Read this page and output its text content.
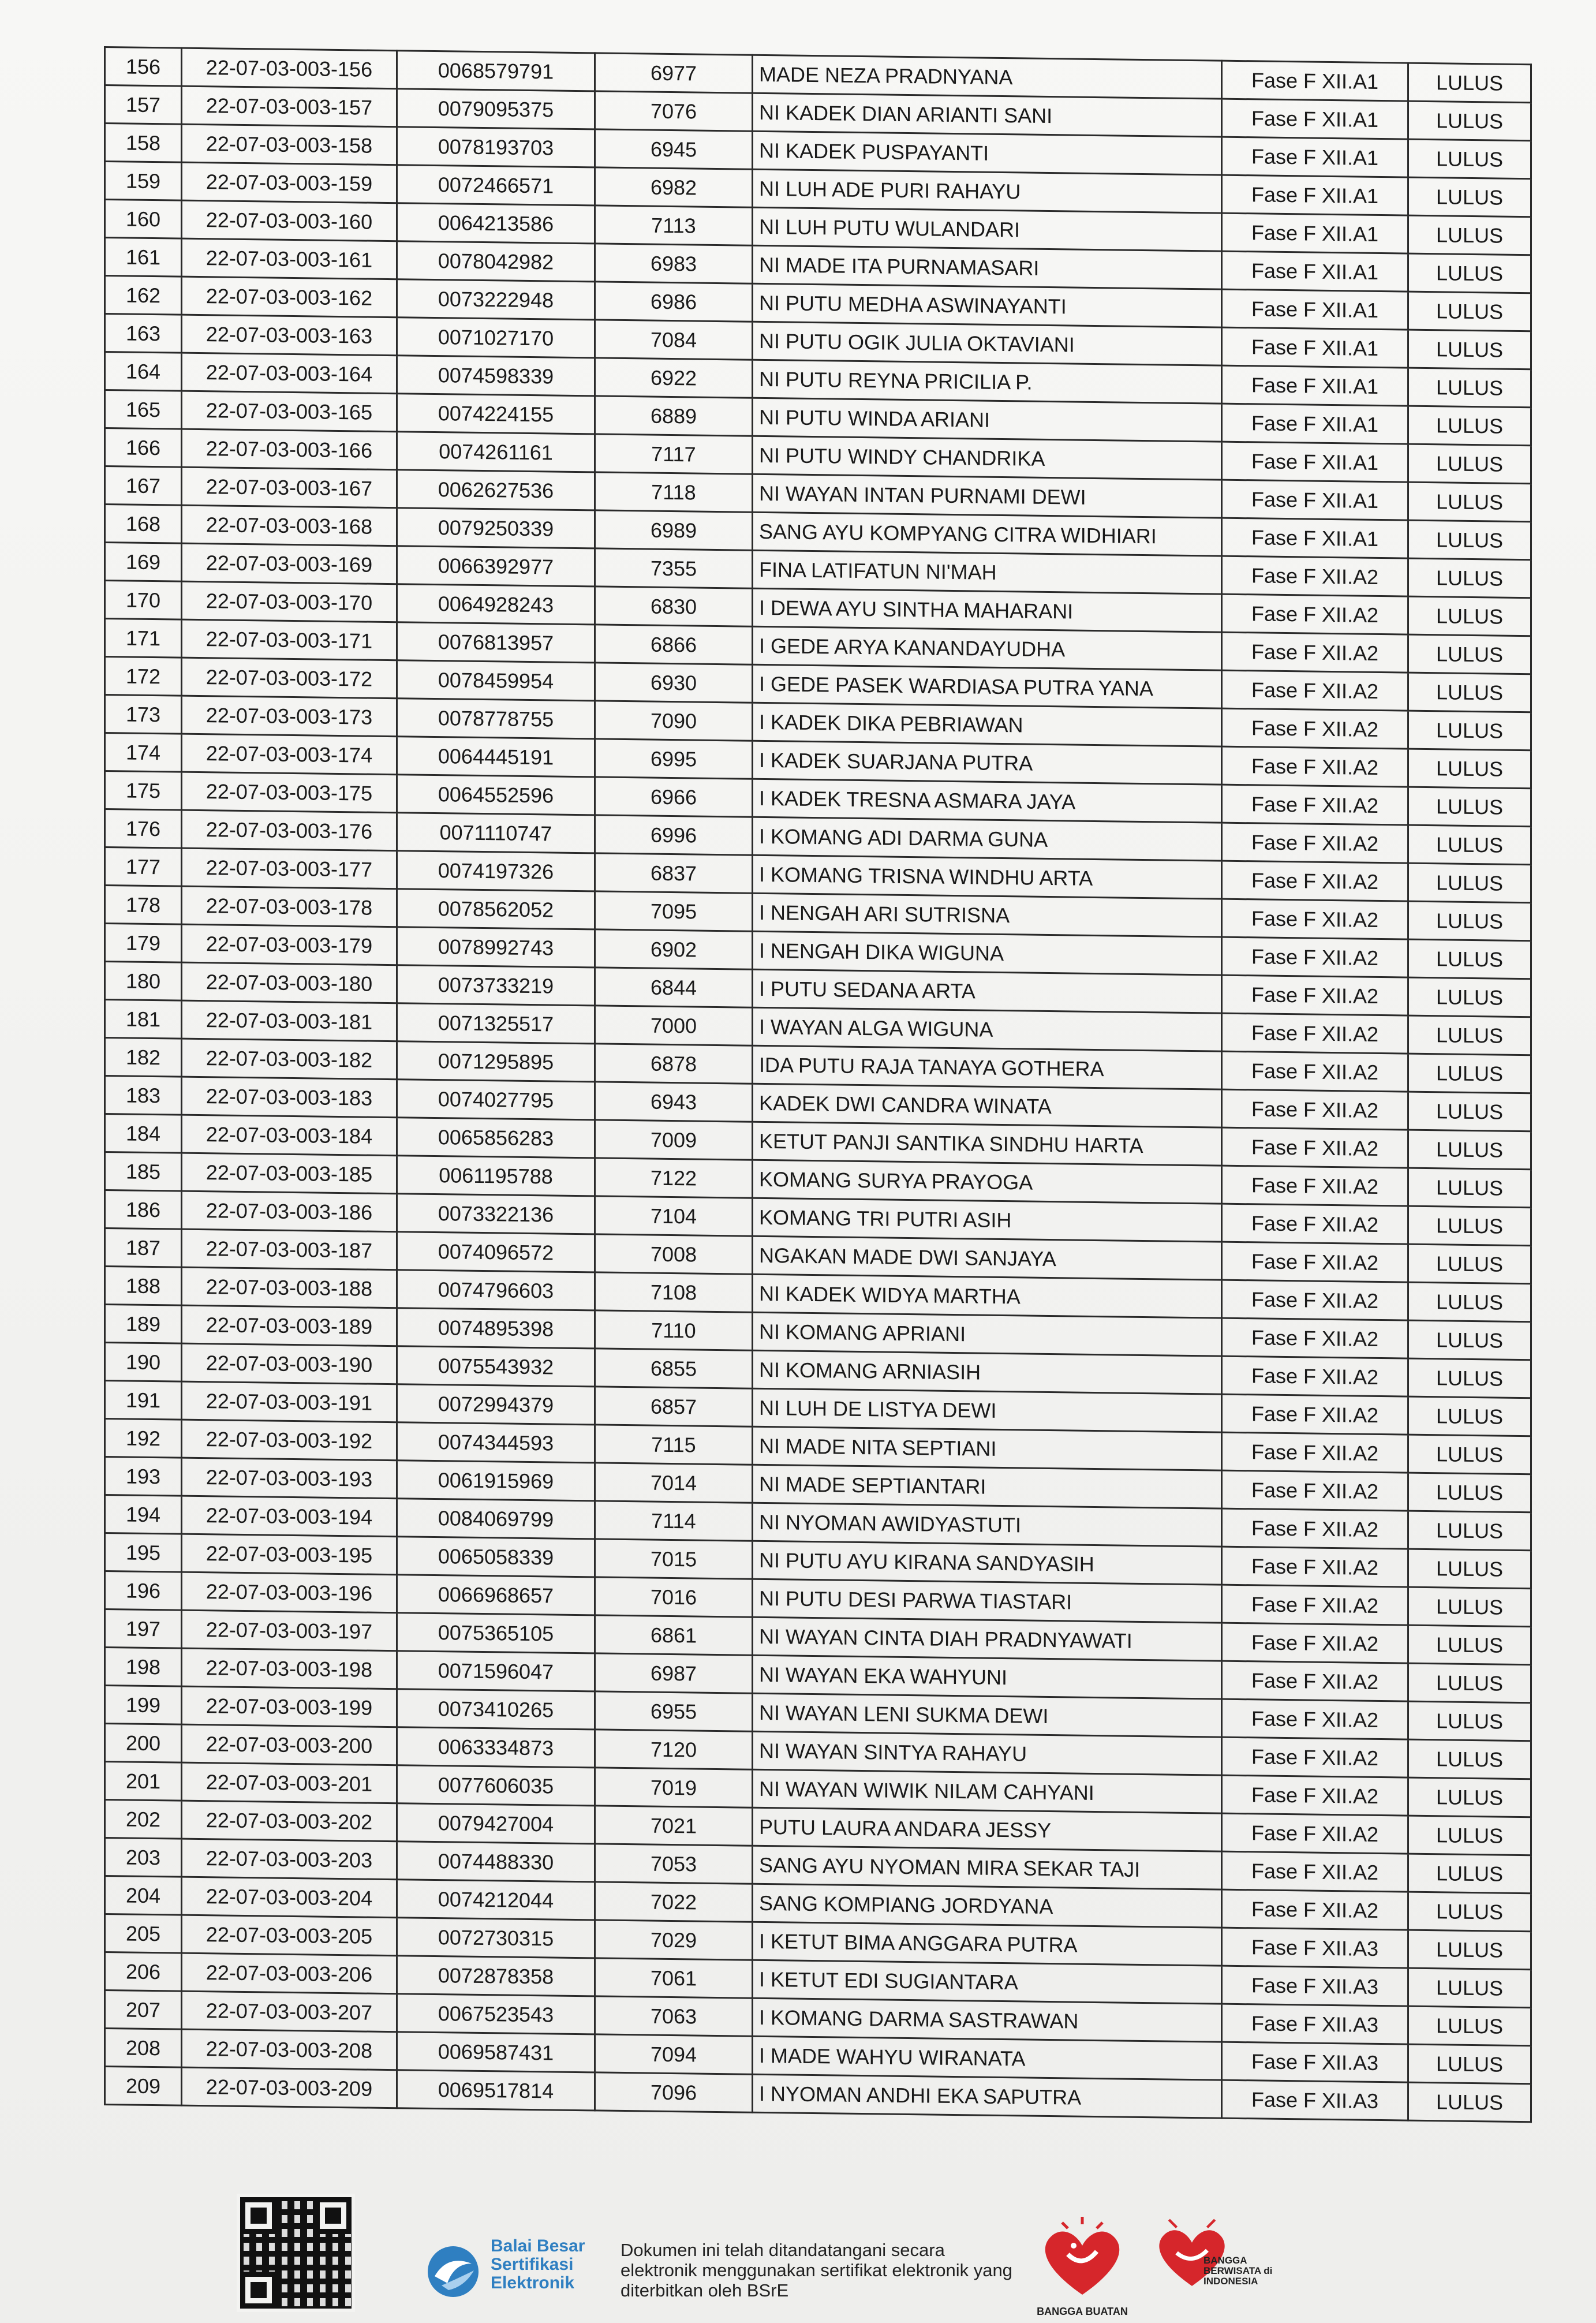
156	22-07-03-003-156	0068579791	6977	MADE NEZA PRADNYANA	Fase F XII.A1	LULUS
157	22-07-03-003-157	0079095375	7076	NI KADEK DIAN ARIANTI SANI	Fase F XII.A1	LULUS
158	22-07-03-003-158	0078193703	6945	NI KADEK PUSPAYANTI	Fase F XII.A1	LULUS
159	22-07-03-003-159	0072466571	6982	NI LUH ADE PURI RAHAYU	Fase F XII.A1	LULUS
160	22-07-03-003-160	0064213586	7113	NI LUH PUTU WULANDARI	Fase F XII.A1	LULUS
161	22-07-03-003-161	0078042982	6983	NI MADE ITA PURNAMASARI	Fase F XII.A1	LULUS
162	22-07-03-003-162	0073222948	6986	NI PUTU MEDHA ASWINAYANTI	Fase F XII.A1	LULUS
163	22-07-03-003-163	0071027170	7084	NI PUTU OGIK JULIA OKTAVIANI	Fase F XII.A1	LULUS
164	22-07-03-003-164	0074598339	6922	NI PUTU REYNA PRICILIA P.	Fase F XII.A1	LULUS
165	22-07-03-003-165	0074224155	6889	NI PUTU WINDA ARIANI	Fase F XII.A1	LULUS
166	22-07-03-003-166	0074261161	7117	NI PUTU WINDY CHANDRIKA	Fase F XII.A1	LULUS
167	22-07-03-003-167	0062627536	7118	NI WAYAN INTAN PURNAMI DEWI	Fase F XII.A1	LULUS
168	22-07-03-003-168	0079250339	6989	SANG AYU KOMPYANG CITRA WIDHIARI	Fase F XII.A1	LULUS
169	22-07-03-003-169	0066392977	7355	FINA LATIFATUN NI'MAH	Fase F XII.A2	LULUS
170	22-07-03-003-170	0064928243	6830	I DEWA AYU SINTHA MAHARANI	Fase F XII.A2	LULUS
171	22-07-03-003-171	0076813957	6866	I GEDE ARYA KANANDAYUDHA	Fase F XII.A2	LULUS
172	22-07-03-003-172	0078459954	6930	I GEDE PASEK WARDIASA PUTRA YANA	Fase F XII.A2	LULUS
173	22-07-03-003-173	0078778755	7090	I KADEK DIKA PEBRIAWAN	Fase F XII.A2	LULUS
174	22-07-03-003-174	0064445191	6995	I KADEK SUARJANA PUTRA	Fase F XII.A2	LULUS
175	22-07-03-003-175	0064552596	6966	I KADEK TRESNA ASMARA JAYA	Fase F XII.A2	LULUS
176	22-07-03-003-176	0071110747	6996	I KOMANG ADI DARMA GUNA	Fase F XII.A2	LULUS
177	22-07-03-003-177	0074197326	6837	I KOMANG TRISNA WINDHU ARTA	Fase F XII.A2	LULUS
178	22-07-03-003-178	0078562052	7095	I NENGAH ARI SUTRISNA	Fase F XII.A2	LULUS
179	22-07-03-003-179	0078992743	6902	I NENGAH DIKA WIGUNA	Fase F XII.A2	LULUS
180	22-07-03-003-180	0073733219	6844	I PUTU SEDANA ARTA	Fase F XII.A2	LULUS
181	22-07-03-003-181	0071325517	7000	I WAYAN ALGA WIGUNA	Fase F XII.A2	LULUS
182	22-07-03-003-182	0071295895	6878	IDA PUTU RAJA TANAYA GOTHERA	Fase F XII.A2	LULUS
183	22-07-03-003-183	0074027795	6943	KADEK DWI CANDRA WINATA	Fase F XII.A2	LULUS
184	22-07-03-003-184	0065856283	7009	KETUT PANJI SANTIKA SINDHU HARTA	Fase F XII.A2	LULUS
185	22-07-03-003-185	0061195788	7122	KOMANG SURYA PRAYOGA	Fase F XII.A2	LULUS
186	22-07-03-003-186	0073322136	7104	KOMANG TRI PUTRI ASIH	Fase F XII.A2	LULUS
187	22-07-03-003-187	0074096572	7008	NGAKAN MADE DWI SANJAYA	Fase F XII.A2	LULUS
188	22-07-03-003-188	0074796603	7108	NI KADEK WIDYA MARTHA	Fase F XII.A2	LULUS
189	22-07-03-003-189	0074895398	7110	NI KOMANG APRIANI	Fase F XII.A2	LULUS
190	22-07-03-003-190	0075543932	6855	NI KOMANG ARNIASIH	Fase F XII.A2	LULUS
191	22-07-03-003-191	0072994379	6857	NI LUH DE LISTYA DEWI	Fase F XII.A2	LULUS
192	22-07-03-003-192	0074344593	7115	NI MADE NITA SEPTIANI	Fase F XII.A2	LULUS
193	22-07-03-003-193	0061915969	7014	NI MADE SEPTIANTARI	Fase F XII.A2	LULUS
194	22-07-03-003-194	0084069799	7114	NI NYOMAN AWIDYASTUTI	Fase F XII.A2	LULUS
195	22-07-03-003-195	0065058339	7015	NI PUTU AYU KIRANA SANDYASIH	Fase F XII.A2	LULUS
196	22-07-03-003-196	0066968657	7016	NI PUTU DESI PARWA TIASTARI	Fase F XII.A2	LULUS
197	22-07-03-003-197	0075365105	6861	NI WAYAN CINTA DIAH PRADNYAWATI	Fase F XII.A2	LULUS
198	22-07-03-003-198	0071596047	6987	NI WAYAN EKA WAHYUNI	Fase F XII.A2	LULUS
199	22-07-03-003-199	0073410265	6955	NI WAYAN LENI SUKMA DEWI	Fase F XII.A2	LULUS
200	22-07-03-003-200	0063334873	7120	NI WAYAN SINTYA RAHAYU	Fase F XII.A2	LULUS
201	22-07-03-003-201	0077606035	7019	NI WAYAN WIWIK NILAM CAHYANI	Fase F XII.A2	LULUS
202	22-07-03-003-202	0079427004	7021	PUTU LAURA ANDARA JESSY	Fase F XII.A2	LULUS
203	22-07-03-003-203	0074488330	7053	SANG AYU NYOMAN MIRA SEKAR TAJI	Fase F XII.A2	LULUS
204	22-07-03-003-204	0074212044	7022	SANG KOMPIANG JORDYANA	Fase F XII.A2	LULUS
205	22-07-03-003-205	0072730315	7029	I KETUT BIMA ANGGARA PUTRA	Fase F XII.A3	LULUS
206	22-07-03-003-206	0072878358	7061	I KETUT EDI SUGIANTARA	Fase F XII.A3	LULUS
207	22-07-03-003-207	0067523543	7063	I KOMANG DARMA SASTRAWAN	Fase F XII.A3	LULUS
208	22-07-03-003-208	0069587431	7094	I MADE WAHYU WIRANATA	Fase F XII.A3	LULUS
209	22-07-03-003-209	0069517814	7096	I NYOMAN ANDHI EKA SAPUTRA	Fase F XII.A3	LULUS
Balai Besar Sertifikasi Elektronik
Dokumen ini telah ditandatangani secara elektronik menggunakan sertifikat elektronik yang diterbitkan oleh BSrE
BANGGA BUATAN
BANGGA BERWISATA di INDONESIA
